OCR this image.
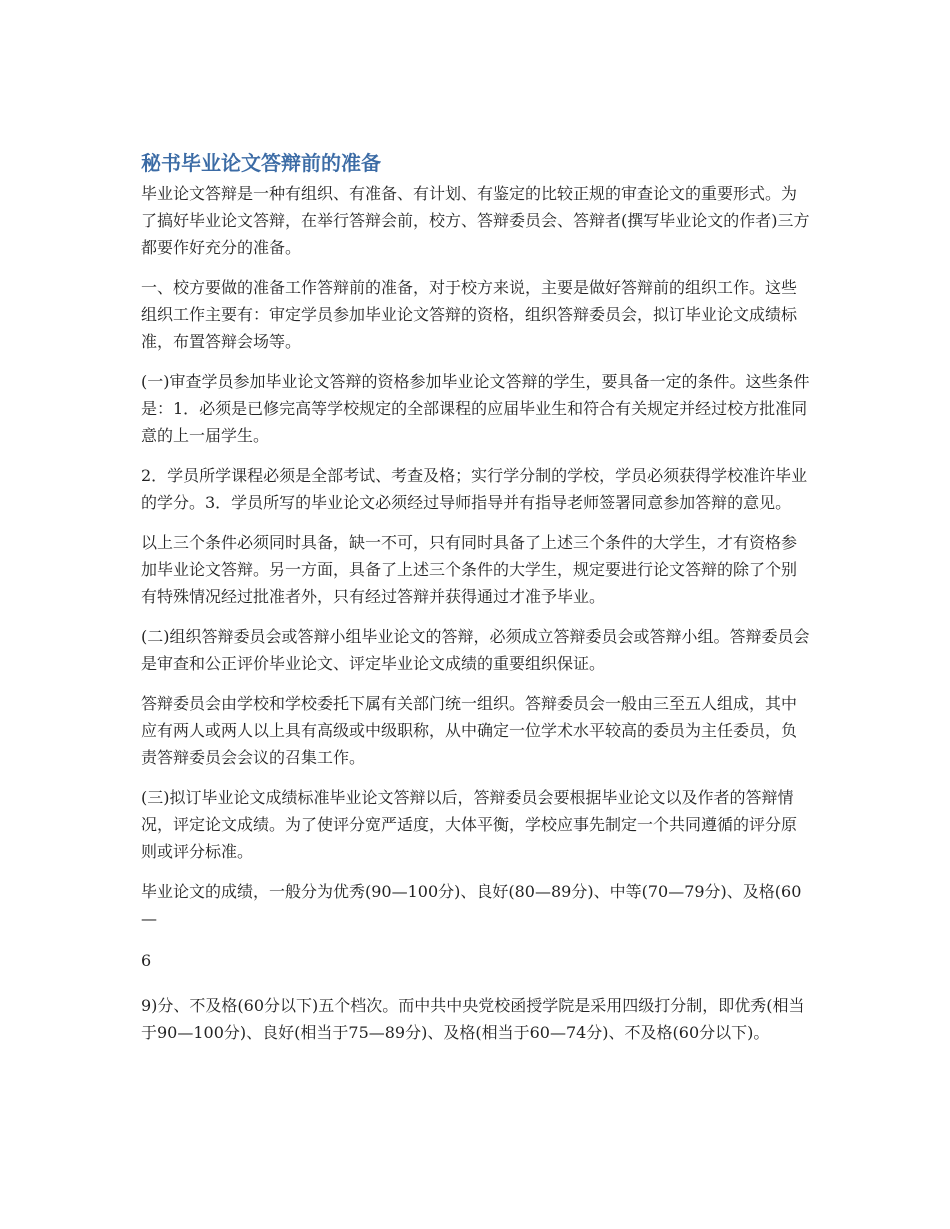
秘书毕业论文答辩前的准备

毕业论文答辩是一种有组织、有准备、有计划、有鉴定的比较正规的审查论文的重要形式。为了搞好毕业论文答辩，在举行答辩会前，校方、答辩委员会、答辩者(撰写毕业论文的作者)三方都要作好充分的准备。

一、校方要做的准备工作答辩前的准备，对于校方来说，主要是做好答辩前的组织工作。这些组织工作主要有：审定学员参加毕业论文答辩的资格，组织答辩委员会，拟订毕业论文成绩标准，布置答辩会场等。

(一)审查学员参加毕业论文答辩的资格参加毕业论文答辩的学生，要具备一定的条件。这些条件是：1．必须是已修完高等学校规定的全部课程的应届毕业生和符合有关规定并经过校方批准同意的上一届学生。

2．学员所学课程必须是全部考试、考查及格；实行学分制的学校，学员必须获得学校准许毕业的学分。3．学员所写的毕业论文必须经过导师指导并有指导老师签署同意参加答辩的意见。

以上三个条件必须同时具备，缺一不可，只有同时具备了上述三个条件的大学生，才有资格参加毕业论文答辩。另一方面，具备了上述三个条件的大学生，规定要进行论文答辩的除了个别有特殊情况经过批准者外，只有经过答辩并获得通过才准予毕业。

(二)组织答辩委员会或答辩小组毕业论文的答辩，必须成立答辩委员会或答辩小组。答辩委员会是审查和公正评价毕业论文、评定毕业论文成绩的重要组织保证。

答辩委员会由学校和学校委托下属有关部门统一组织。答辩委员会一般由三至五人组成，其中应有两人或两人以上具有高级或中级职称，从中确定一位学术水平较高的委员为主任委员，负责答辩委员会会议的召集工作。

(三)拟订毕业论文成绩标准毕业论文答辩以后，答辩委员会要根据毕业论文以及作者的答辩情况，评定论文成绩。为了使评分宽严适度，大体平衡，学校应事先制定一个共同遵循的评分原则或评分标准。

毕业论文的成绩，一般分为优秀(90—100分)、良好(80—89分)、中等(70—79分)、及格(60—

6

9)分、不及格(60分以下)五个档次。而中共中央党校函授学院是采用四级打分制，即优秀(相当于90—100分)、良好(相当于75—89分)、及格(相当于60—74分)、不及格(60分以下)。
